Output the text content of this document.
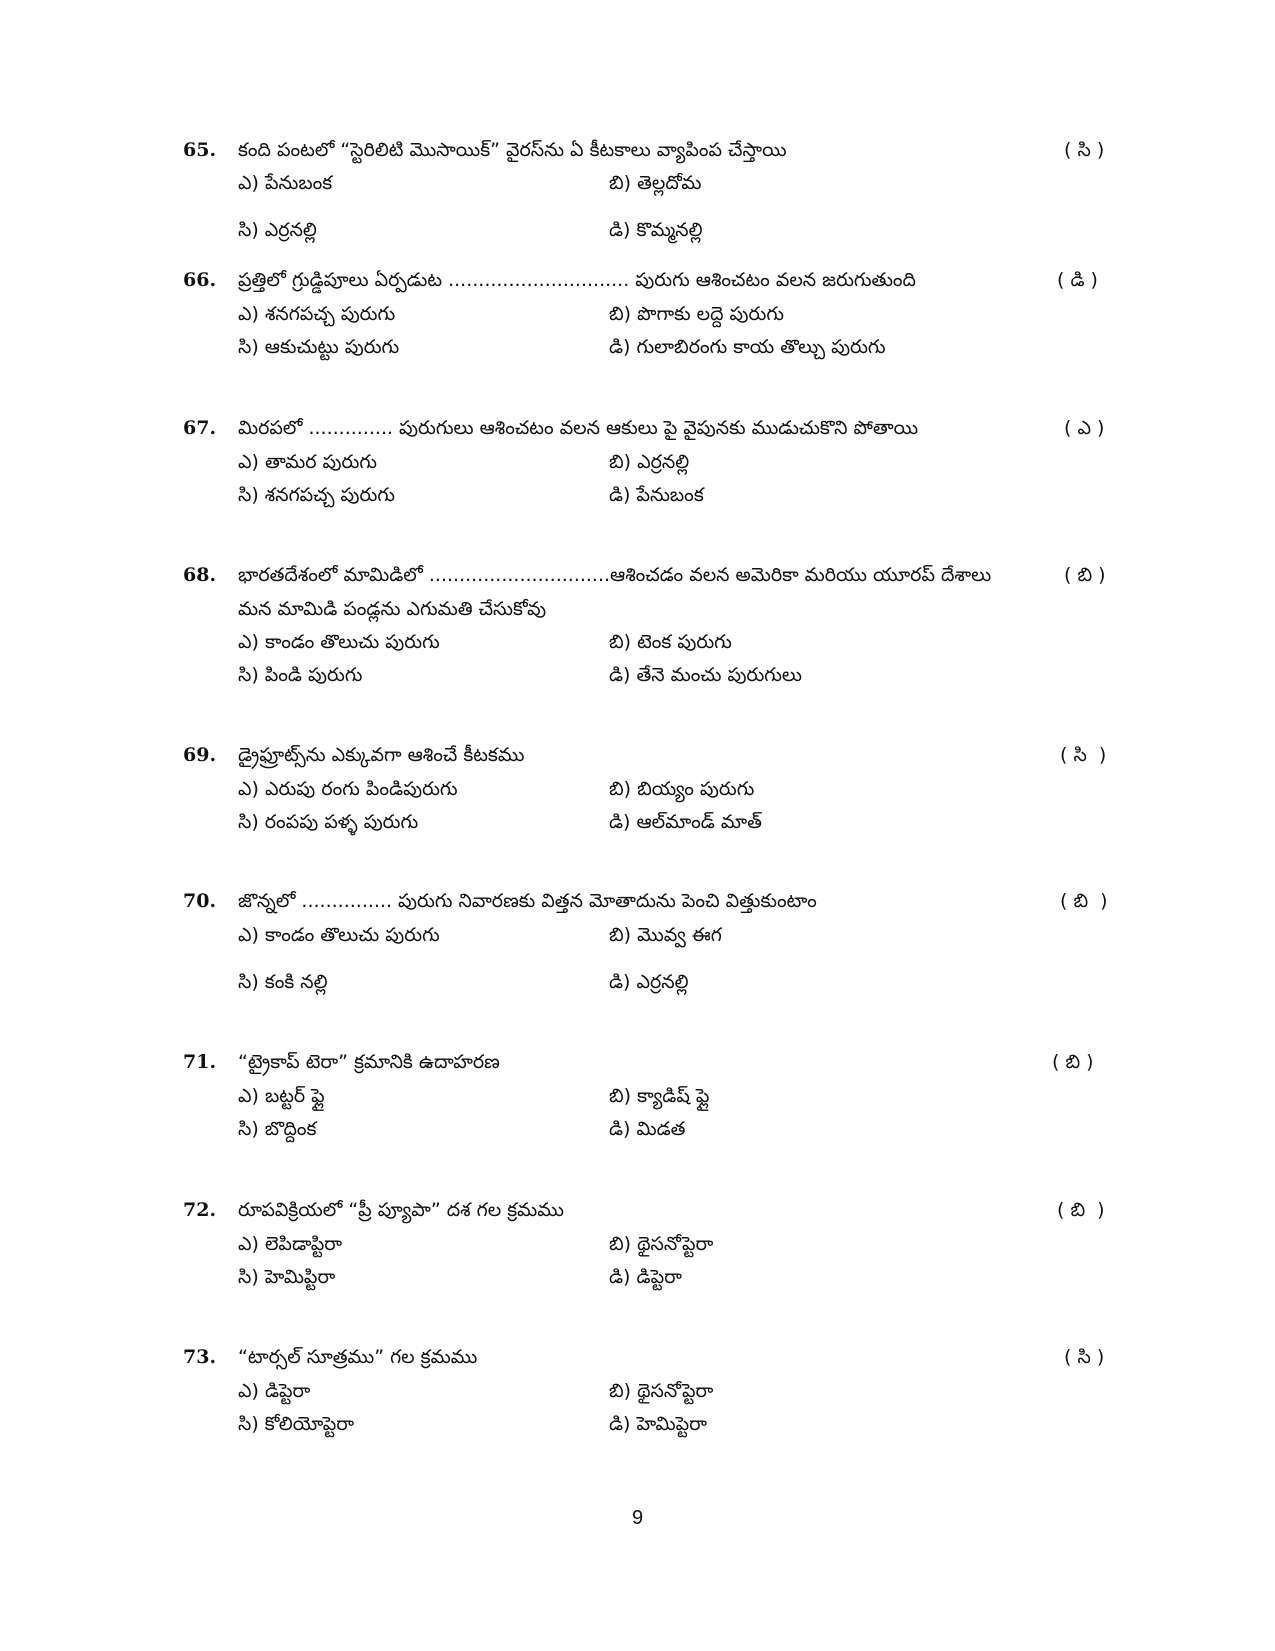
65. కంది పంటలో “స్టెరిలిటి మొసాయిక్” వైరస్‌ను ఏ కీటకాలు వ్యాపింప చేస్తాయి	( సి )
ఎ) పేనుబంక	బి) తెల్లదోమ
సి) ఎర్రనల్లి	డి) కొమ్మనల్లి
66. ప్రత్తిలో గ్రుడ్డిపూలు ఏర్పడుట .............................. పురుగు ఆశించటం వలన జరుగుతుంది	( డి )
ఎ) శనగపచ్చ పురుగు	బి) పొగాకు లద్దె పురుగు
సి) ఆకుచుట్టు పురుగు	డి) గులాబిరంగు కాయ తొల్చు పురుగు
67. మిరపలో .............. పురుగులు ఆశించటం వలన ఆకులు పై వైపునకు ముడుచుకొని పోతాయి	( ఎ )
ఎ) తామర పురుగు	బి) ఎర్రనల్లి
సి) శనగపచ్చ పురుగు	డి) పేనుబంక
68. భారతదేశంలో మామిడిలో ..............................ఆశించడం వలన అమెరికా మరియు యూరప్ దేశాలు మన మామిడి పండ్లను ఎగుమతి చేసుకోవు
( బి )
ఎ) కాండం తొలుచు పురుగు	బి) టెంక పురుగు
సి) పిండి పురుగు	డి) తేనె మంచు పురుగులు
69. డ్రైఫ్రూట్స్‌ను ఎక్కువగా ఆశించే కీటకము	( సి  )
ఎ) ఎరుపు రంగు పిండిపురుగు	బి) బియ్యం పురుగు
సి) రంపపు పళ్ళ పురుగు	డి) ఆల్‌మాండ్ మాత్
70. జొన్నలో ............... పురుగు నివారణకు విత్తన మోతాదును పెంచి విత్తుకుంటాం	( బి  )
ఎ) కాండం తొలుచు పురుగు	బి) మొవ్వ ఈగ
సి) కంకి నల్లి	డి) ఎర్రనల్లి
71. “ట్రైకాప్ టెరా” క్రమానికి ఉదాహరణ	( బి )
ఎ) బట్టర్ ఫ్లై	బి) క్యాడిష్ ఫ్లై
సి) బొద్దింక	డి) మిడత
72. రూపవిక్రియలో “ప్రీ ప్యూపా” దశ గల క్రమము	( బి  )
ఎ) లెపిడాప్టిరా	బి) థైసనోప్టెరా
సి) హెమిప్టిరా	డి) డిప్టెరా
73. “టార్సల్ సూత్రము” గల క్రమము	( సి )
ఎ) డిప్టెరా	బి) థైసనోప్టెరా
సి) కోలియోప్టెరా	డి) హెమిప్టెరా
9
